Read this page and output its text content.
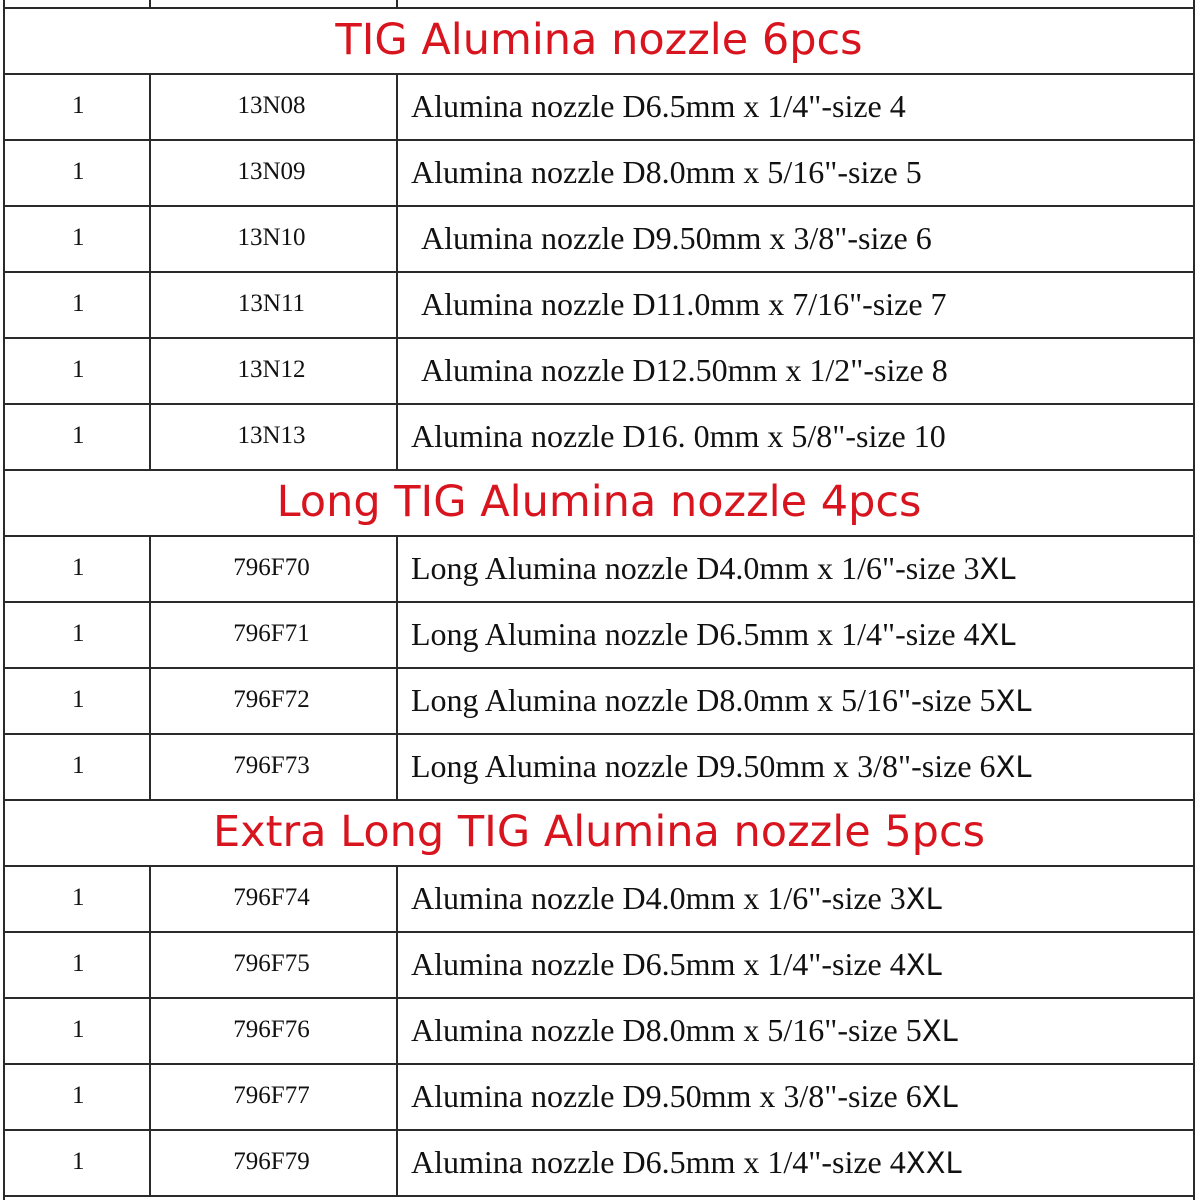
TIG Alumina nozzle 6pcs
1	13N08	Alumina nozzle D6.5mm x 1/4"-size 4
1	13N09	Alumina nozzle D8.0mm x 5/16"-size 5
1	13N10	Alumina nozzle D9.50mm x 3/8"-size 6
1	13N11	Alumina nozzle D11.0mm x 7/16"-size 7
1	13N12	Alumina nozzle D12.50mm x 1/2"-size 8
1	13N13	Alumina nozzle D16. 0mm x 5/8"-size 10
Long TIG Alumina nozzle 4pcs
1	796F70	Long Alumina nozzle D4.0mm x 1/6"-size 3XL
1	796F71	Long Alumina nozzle D6.5mm x 1/4"-size 4XL
1	796F72	Long Alumina nozzle D8.0mm x 5/16"-size 5XL
1	796F73	Long Alumina nozzle D9.50mm x 3/8"-size 6XL
Extra Long TIG Alumina nozzle 5pcs
1	796F74	Alumina nozzle D4.0mm x 1/6"-size 3XL
1	796F75	Alumina nozzle D6.5mm x 1/4"-size 4XL
1	796F76	Alumina nozzle D8.0mm x 5/16"-size 5XL
1	796F77	Alumina nozzle D9.50mm x 3/8"-size 6XL
1	796F79	Alumina nozzle D6.5mm x 1/4"-size 4XXL
